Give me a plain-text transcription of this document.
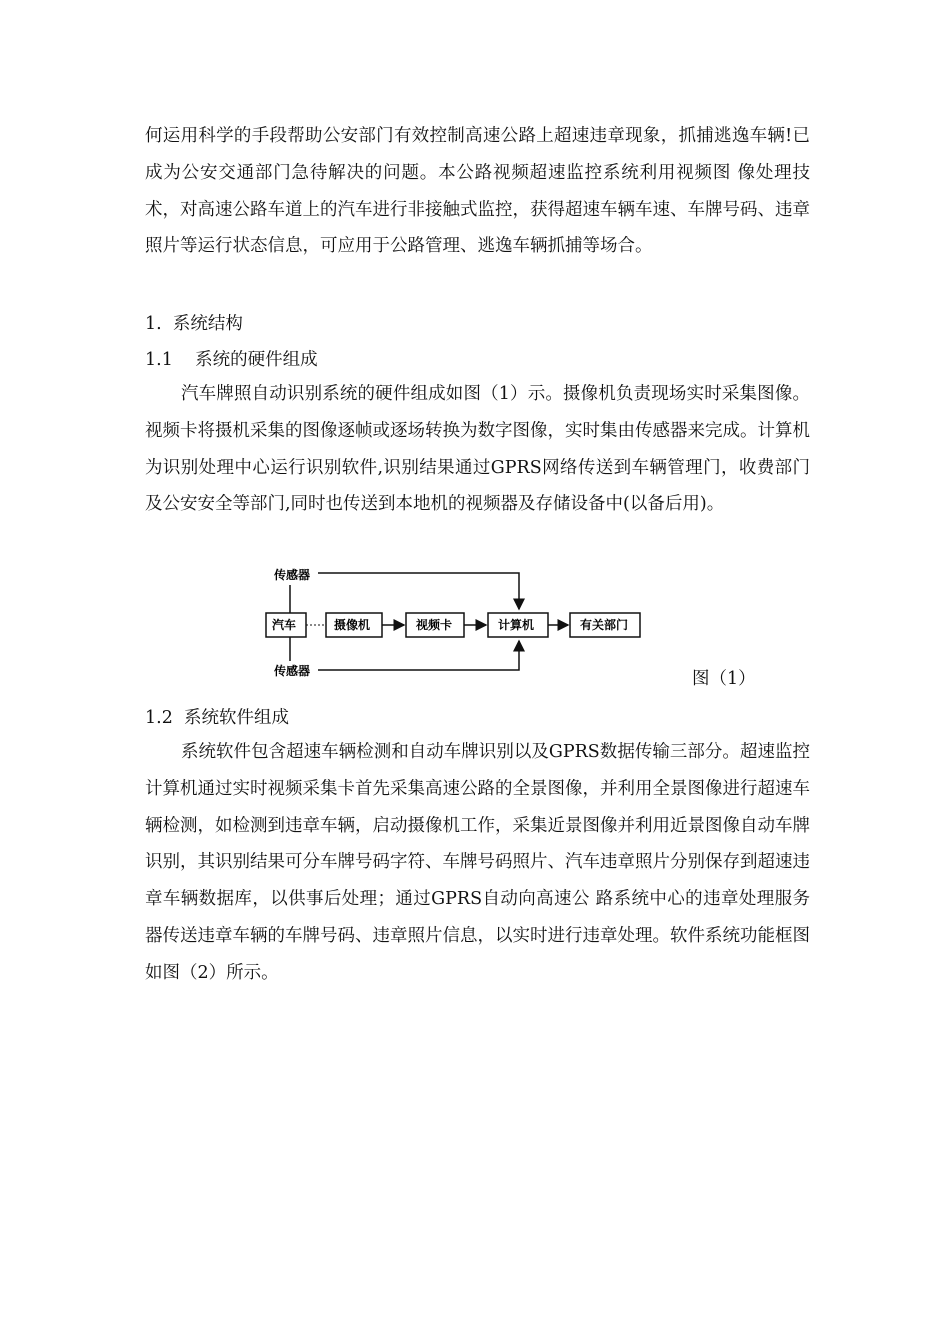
何运用科学的手段帮助公安部门有效控制高速公路上超速违章现象，抓捕逃逸车辆!已成为公安交通部门急待解决的问题。本公路视频超速监控系统利用视频图 像处理技术，对高速公路车道上的汽车进行非接触式监控，获得超速车辆车速、车牌号码、违章照片等运行状态信息，可应用于公路管理、逃逸车辆抓捕等场合。

1.  系统结构

1.1    系统的硬件组成

汽车牌照自动识别系统的硬件组成如图（1）示。摄像机负责现场实时采集图像。视频卡将摄机采集的图像逐帧或逐场转换为数字图像，实时集由传感器来完成。计算机为识别处理中心运行识别软件,识别结果通过GPRS网络传送到车辆管理门，收费部门及公安安全等部门,同时也传送到本地机的视频器及存储设备中(以备后用)。

传感器
传感器
汽车	摄像机	视频卡	计算机	有关部门
图（1）

1.2  系统软件组成

系统软件包含超速车辆检测和自动车牌识别以及GPRS数据传输三部分。超速监控计算机通过实时视频采集卡首先采集高速公路的全景图像，并利用全景图像进行超速车辆检测，如检测到违章车辆，启动摄像机工作，采集近景图像并利用近景图像自动车牌识别，其识别结果可分车牌号码字符、车牌号码照片、汽车违章照片分别保存到超速违章车辆数据库，以供事后处理；通过GPRS自动向高速公 路系统中心的违章处理服务器传送违章车辆的车牌号码、违章照片信息，以实时进行违章处理。软件系统功能框图如图（2）所示。
